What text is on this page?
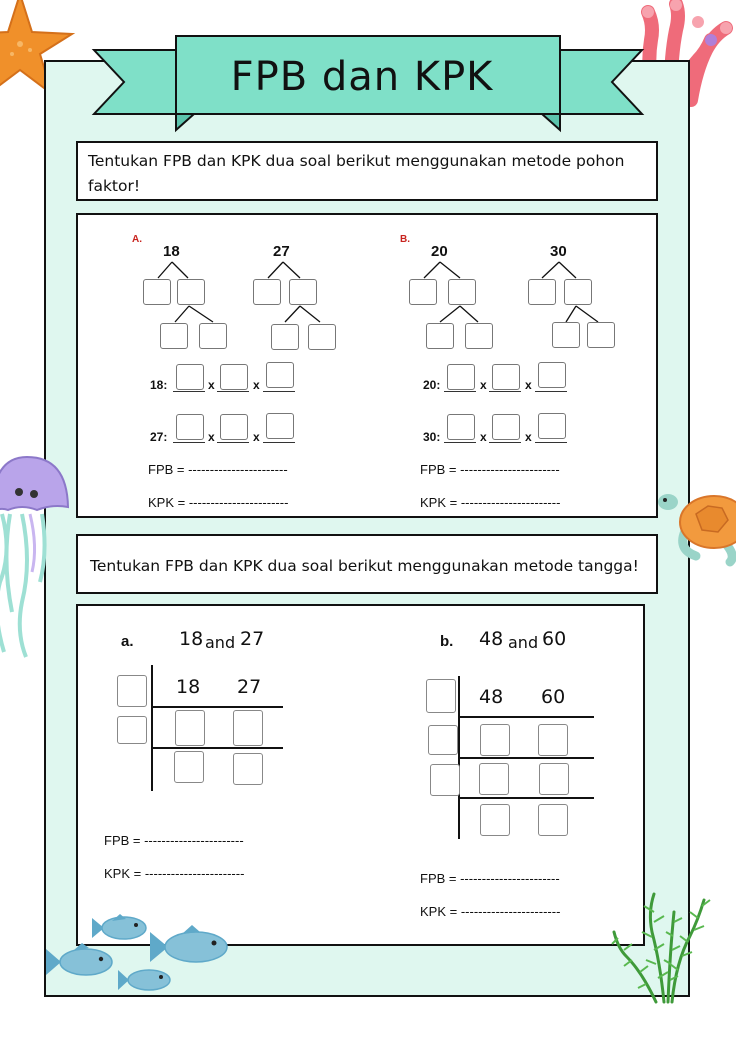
FPB dan KPK
Tentukan FPB dan KPK dua soal berikut menggunakan metode pohon faktor!
A.
18	27
18:	x	x
27:	x	x
FPB = -----------------------
KPK = -----------------------
B.
20	30
20:	x	x
30:	x	x
FPB = -----------------------
KPK = -----------------------
Tentukan FPB dan KPK dua soal berikut menggunakan metode tangga!
a. 18 and 27
18 27
FPB = -----------------------
KPK = -----------------------
b. 48 and 60
48 60
FPB = -----------------------
KPK = -----------------------
